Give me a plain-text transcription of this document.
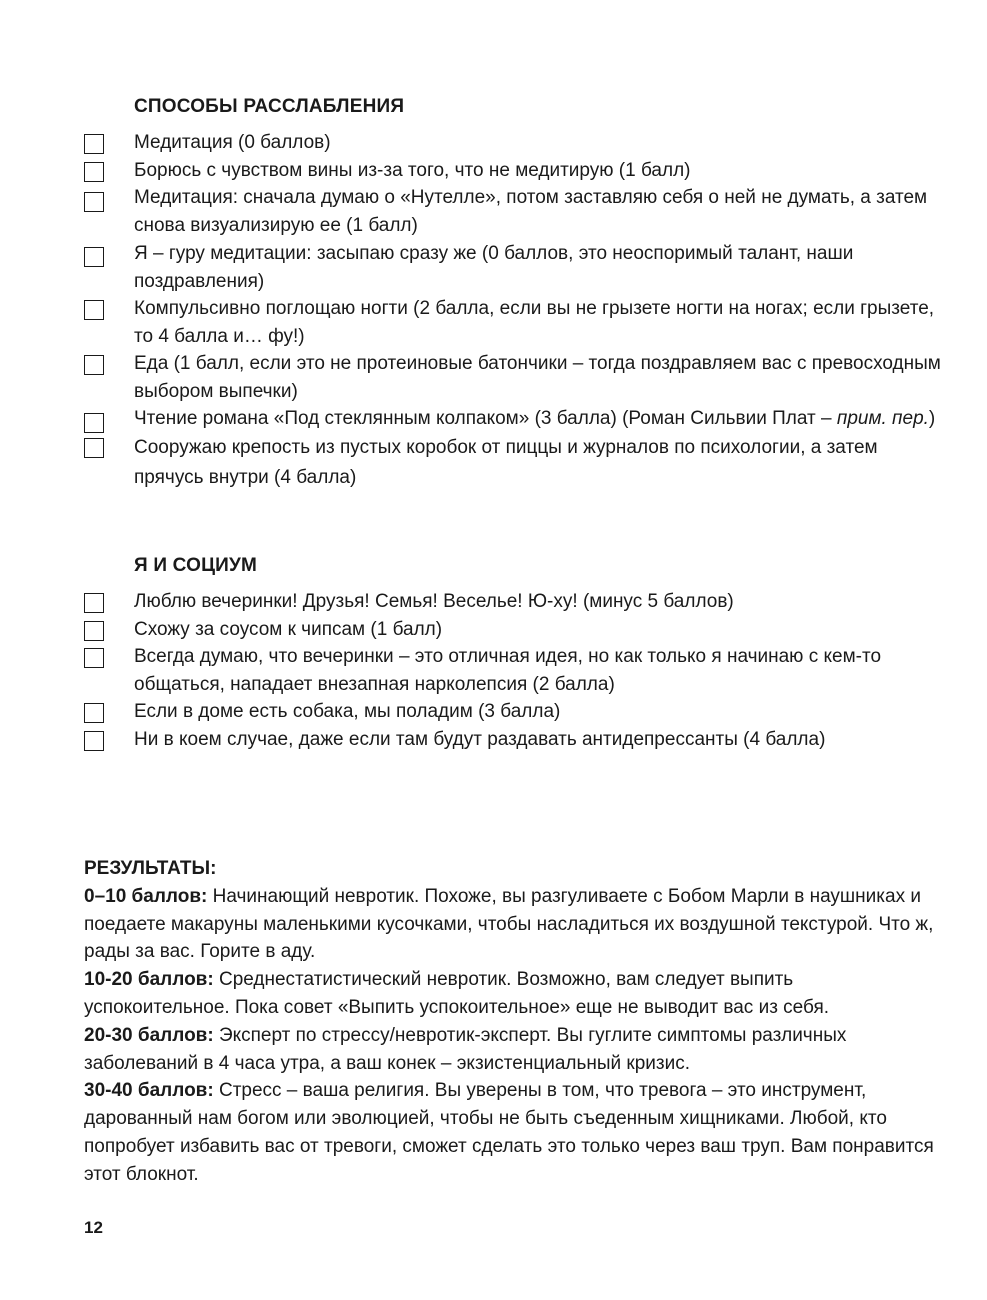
СПОСОБЫ РАССЛАБЛЕНИЯ
Медитация (0 баллов)
Борюсь с чувством вины из-за того, что не медитирую (1 балл)
Медитация: сначала думаю о «Нутелле», потом заставляю себя о ней не думать, а затем снова визуализирую ее (1 балл)
Я – гуру медитации: засыпаю сразу же (0 баллов, это неоспоримый талант, наши поздравления)
Компульсивно поглощаю ногти (2 балла, если вы не грызете ногти на ногах; если грызете, то 4 балла и… фу!)
Еда (1 балл, если это не протеиновые батончики – тогда поздравляем вас с превосходным выбором выпечки)
Чтение романа «Под стеклянным колпаком» (3 балла) (Роман Сильвии Плат – прим. пер.)
Сооружаю крепость из пустых коробок от пиццы и журналов по психологии, а затем прячусь внутри (4 балла)
Я И СОЦИУМ
Люблю вечеринки! Друзья! Семья! Веселье! Ю-ху! (минус 5 баллов)
Схожу за соусом к чипсам (1 балл)
Всегда думаю, что вечеринки – это отличная идея, но как только я начинаю с кем-то общаться, нападает внезапная нарколепсия (2 балла)
Если в доме есть собака, мы поладим (3 балла)
Ни в коем случае, даже если там будут раздавать антидепрессанты (4 балла)

РЕЗУЛЬТАТЫ:

0–10 баллов: Начинающий невротик. Похоже, вы разгуливаете с Бобом Марли в наушниках и поедаете макаруны маленькими кусочками, чтобы насладиться их воздушной текстурой. Что ж, рады за вас. Горите в аду.

10-20 баллов: Среднестатистический невротик. Возможно, вам следует выпить успокоительное. Пока совет «Выпить успокоительное» еще не выводит вас из себя.

20-30 баллов: Эксперт по стрессу/невротик-эксперт. Вы гуглите симптомы различных заболеваний в 4 часа утра, а ваш конек – экзистенциальный кризис.

30-40 баллов: Стресс – ваша религия. Вы уверены в том, что тревога – это инструмент, дарованный нам богом или эволюцией, чтобы не быть съеденным хищниками. Любой, кто попробует избавить вас от тревоги, сможет сделать это только через ваш труп. Вам понравится этот блокнот.

12
